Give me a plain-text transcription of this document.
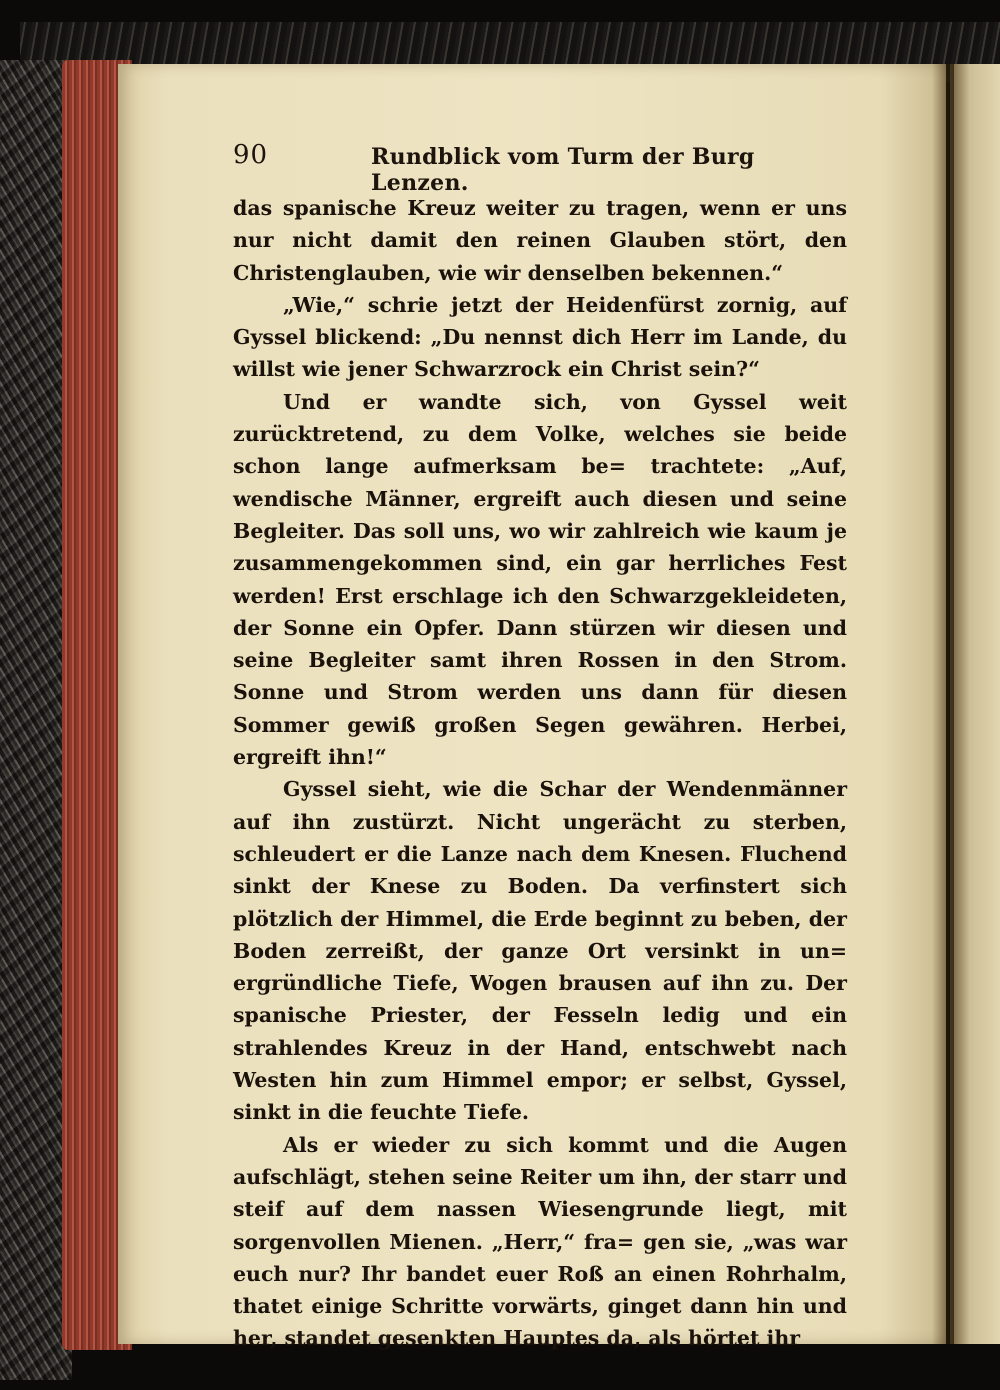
90	Rundblick vom Turm der Burg Lenzen.

das spanische Kreuz weiter zu tragen, wenn er uns nur nicht damit den reinen Glauben stört, den Christenglauben, wie wir denselben bekennen.“

„Wie,“ schrie jetzt der Heidenfürst zornig, auf Gyssel blickend: „Du nennst dich Herr im Lande, du willst wie jener Schwarzrock ein Christ sein?“

Und er wandte sich, von Gyssel weit zurücktretend, zu dem Volke, welches sie beide schon lange aufmerksam be= trachtete: „Auf, wendische Männer, ergreift auch diesen und seine Begleiter. Das soll uns, wo wir zahlreich wie kaum je zusammengekommen sind, ein gar herrliches Fest werden! Erst erschlage ich den Schwarzgekleideten, der Sonne ein Opfer. Dann stürzen wir diesen und seine Begleiter samt ihren Rossen in den Strom. Sonne und Strom werden uns dann für diesen Sommer gewiß großen Segen gewähren. Herbei, ergreift ihn!“

Gyssel sieht, wie die Schar der Wendenmänner auf ihn zustürzt. Nicht ungerächt zu sterben, schleudert er die Lanze nach dem Knesen. Fluchend sinkt der Knese zu Boden. Da verfinstert sich plötzlich der Himmel, die Erde beginnt zu beben, der Boden zerreißt, der ganze Ort versinkt in un= ergründliche Tiefe, Wogen brausen auf ihn zu. Der spanische Priester, der Fesseln ledig und ein strahlendes Kreuz in der Hand, entschwebt nach Westen hin zum Himmel empor; er selbst, Gyssel, sinkt in die feuchte Tiefe.

Als er wieder zu sich kommt und die Augen aufschlägt, stehen seine Reiter um ihn, der starr und steif auf dem nassen Wiesengrunde liegt, mit sorgenvollen Mienen. „Herr,“ fra= gen sie, „was war euch nur? Ihr bandet euer Roß an einen Rohrhalm, thatet einige Schritte vorwärts, ginget dann hin und her, standet gesenkten Hauptes da, als hörtet ihr
